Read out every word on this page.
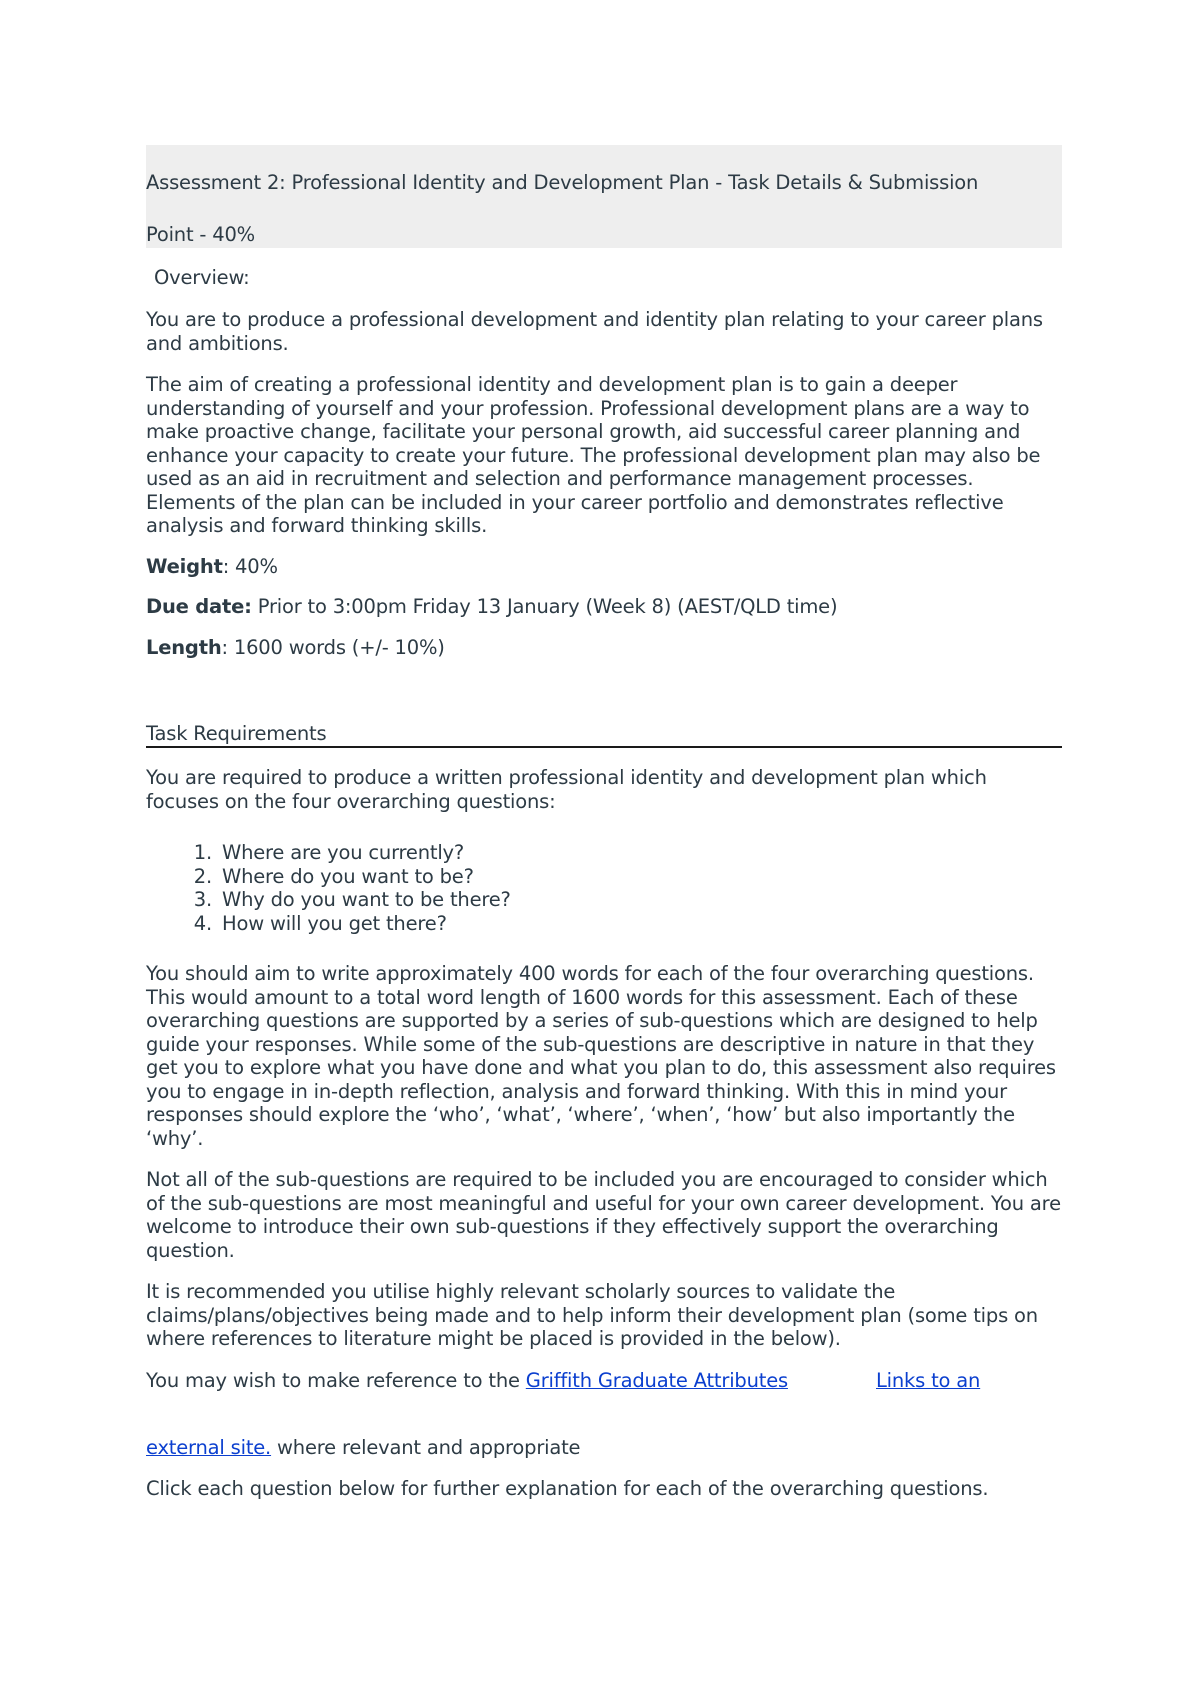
Assessment 2: Professional Identity and Development Plan - Task Details & Submission

Point - 40%

Overview:

You are to produce a professional development and identity plan relating to your career plans and ambitions.

The aim of creating a professional identity and development plan is to gain a deeper understanding of yourself and your profession. Professional development plans are a way to make proactive change, facilitate your personal growth, aid successful career planning and enhance your capacity to create your future. The professional development plan may also be used as an aid in recruitment and selection and performance management processes. Elements of the plan can be included in your career portfolio and demonstrates reflective analysis and forward thinking skills.

Weight: 40%

Due date: Prior to 3:00pm Friday 13 January (Week 8) (AEST/QLD time)

Length: 1600 words (+/- 10%)

Task Requirements

You are required to produce a written professional identity and development plan which focuses on the four overarching questions:

1. Where are you currently?
2. Where do you want to be?
3. Why do you want to be there?
4. How will you get there?

You should aim to write approximately 400 words for each of the four overarching questions. This would amount to a total word length of 1600 words for this assessment. Each of these overarching questions are supported by a series of sub-questions which are designed to help guide your responses. While some of the sub-questions are descriptive in nature in that they get you to explore what you have done and what you plan to do, this assessment also requires you to engage in in-depth reflection, analysis and forward thinking. With this in mind your responses should explore the ‘who’, ‘what’, ‘where’, ‘when’, ‘how’ but also importantly the ‘why’.

Not all of the sub-questions are required to be included you are encouraged to consider which of the sub-questions are most meaningful and useful for your own career development. You are welcome to introduce their own sub-questions if they effectively support the overarching question.

It is recommended you utilise highly relevant scholarly sources to validate the claims/plans/objectives being made and to help inform their development plan (some tips on where references to literature might be placed is provided in the below).

You may wish to make reference to the Griffith Graduate Attributes	Links to an

external site. where relevant and appropriate

Click each question below for further explanation for each of the overarching questions.
